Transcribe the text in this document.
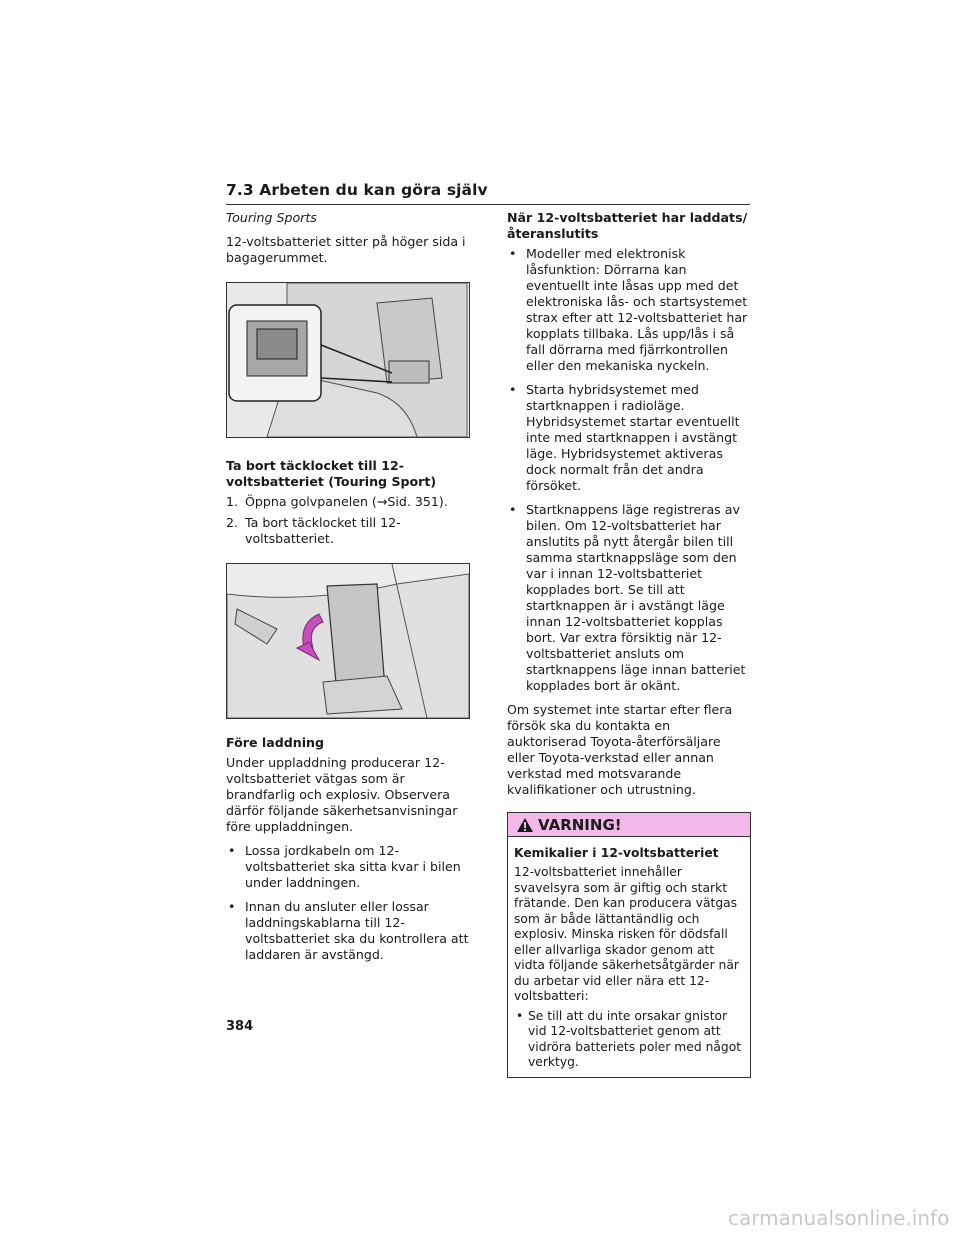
7.3 Arbeten du kan göra själv

Touring Sports

12-voltsbatteriet sitter på höger sida i bagagerummet.

Ta bort täcklocket till 12-voltsbatteriet (Touring Sport)

1. Öppna golvpanelen (→Sid. 351).
2. Ta bort täcklocket till 12-voltsbatteriet.

Före laddning

Under uppladdning producerar 12-voltsbatteriet vätgas som är brandfarlig och explosiv. Observera därför följande säkerhetsanvisningar före uppladdningen.

• Lossa jordkabeln om 12-voltsbatteriet ska sitta kvar i bilen under laddningen.
• Innan du ansluter eller lossar laddningskablarna till 12-voltsbatteriet ska du kontrollera att laddaren är avstängd.

När 12-voltsbatteriet har laddats/återanslutits

• Modeller med elektronisk låsfunktion: Dörrarna kan eventuellt inte låsas upp med det elektroniska lås- och startsystemet strax efter att 12-voltsbatteriet har kopplats tillbaka. Lås upp/lås i så fall dörrarna med fjärrkontrollen eller den mekaniska nyckeln.
• Starta hybridsystemet med startknappen i radioläge. Hybridsystemet startar eventuellt inte med startknappen i avstängt läge. Hybridsystemet aktiveras dock normalt från det andra försöket.
• Startknappens läge registreras av bilen. Om 12-voltsbatteriet har anslutits på nytt återgår bilen till samma startknappsläge som den var i innan 12-voltsbatteriet kopplades bort. Se till att startknappen är i avstängt läge innan 12-voltsbatteriet kopplas bort. Var extra försiktig när 12-voltsbatteriet ansluts om startknappens läge innan batteriet kopplades bort är okänt.

Om systemet inte startar efter flera försök ska du kontakta en auktoriserad Toyota-återförsäljare eller Toyota-verkstad eller annan verkstad med motsvarande kvalifikationer och utrustning.

VARNING!

Kemikalier i 12-voltsbatteriet

12-voltsbatteriet innehåller svavelsyra som är giftig och starkt frätande. Den kan producera vätgas som är både lättantändlig och explosiv. Minska risken för dödsfall eller allvarliga skador genom att vidta följande säkerhetsåtgärder när du arbetar vid eller nära ett 12-voltsbatteri:

• Se till att du inte orsakar gnistor vid 12-voltsbatteriet genom att vidröra batteriets poler med något verktyg.
384
carmanualsonline.info
